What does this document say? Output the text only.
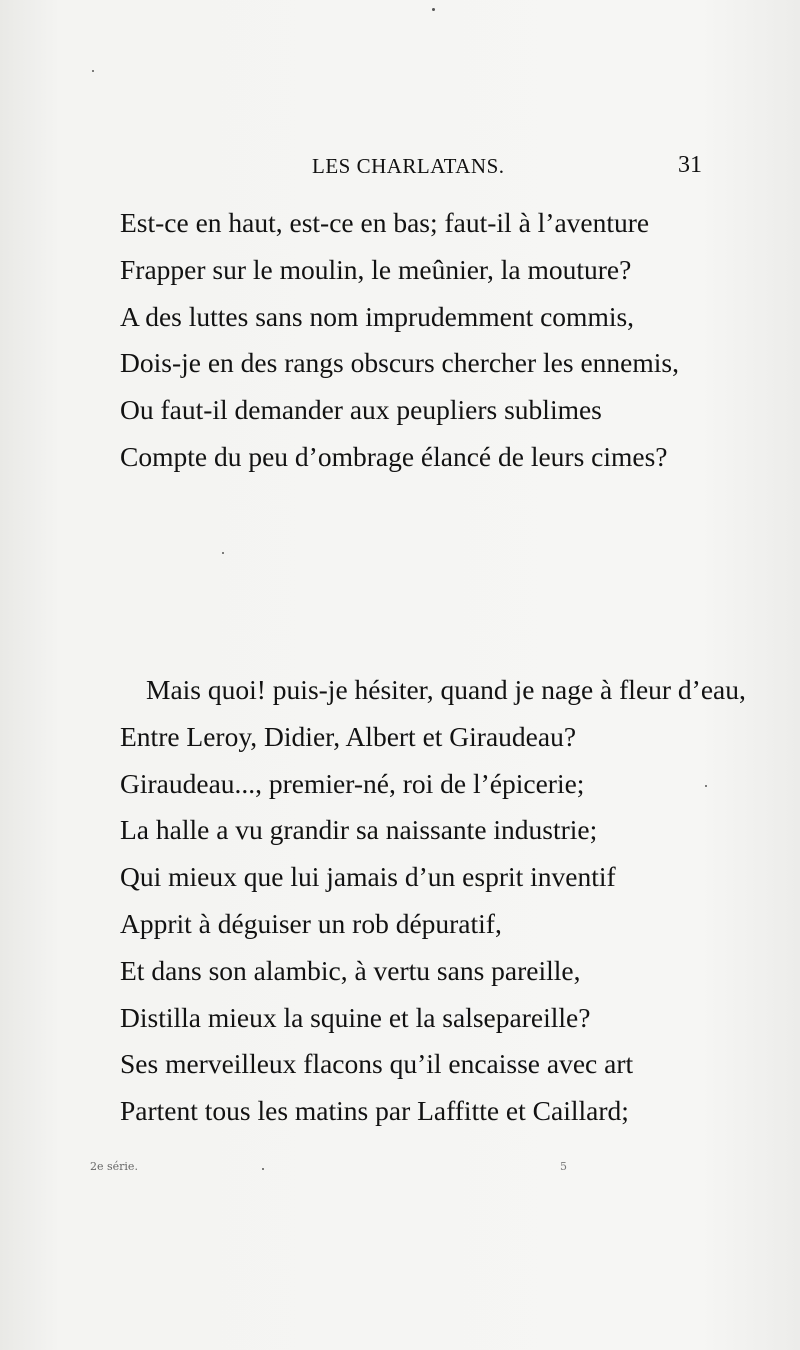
LES CHARLATANS.	31
Est-ce en haut, est-ce en bas; faut-il à l’aventure
Frapper sur le moulin, le meûnier, la mouture?
A des luttes sans nom imprudemment commis,
Dois-je en des rangs obscurs chercher les ennemis,
Ou faut-il demander aux peupliers sublimes
Compte du peu d’ombrage élancé de leurs cimes?
Mais quoi! puis-je hésiter, quand je nage à fleur d’eau,
Entre Leroy, Didier, Albert et Giraudeau?
Giraudeau..., premier-né, roi de l’épicerie;
La halle a vu grandir sa naissante industrie;
Qui mieux que lui jamais d’un esprit inventif
Apprit à déguiser un rob dépuratif,
Et dans son alambic, à vertu sans pareille,
Distilla mieux la squine et la salsepareille?
Ses merveilleux flacons qu’il encaisse avec art
Partent tous les matins par Laffitte et Caillard;
2e série.	5
